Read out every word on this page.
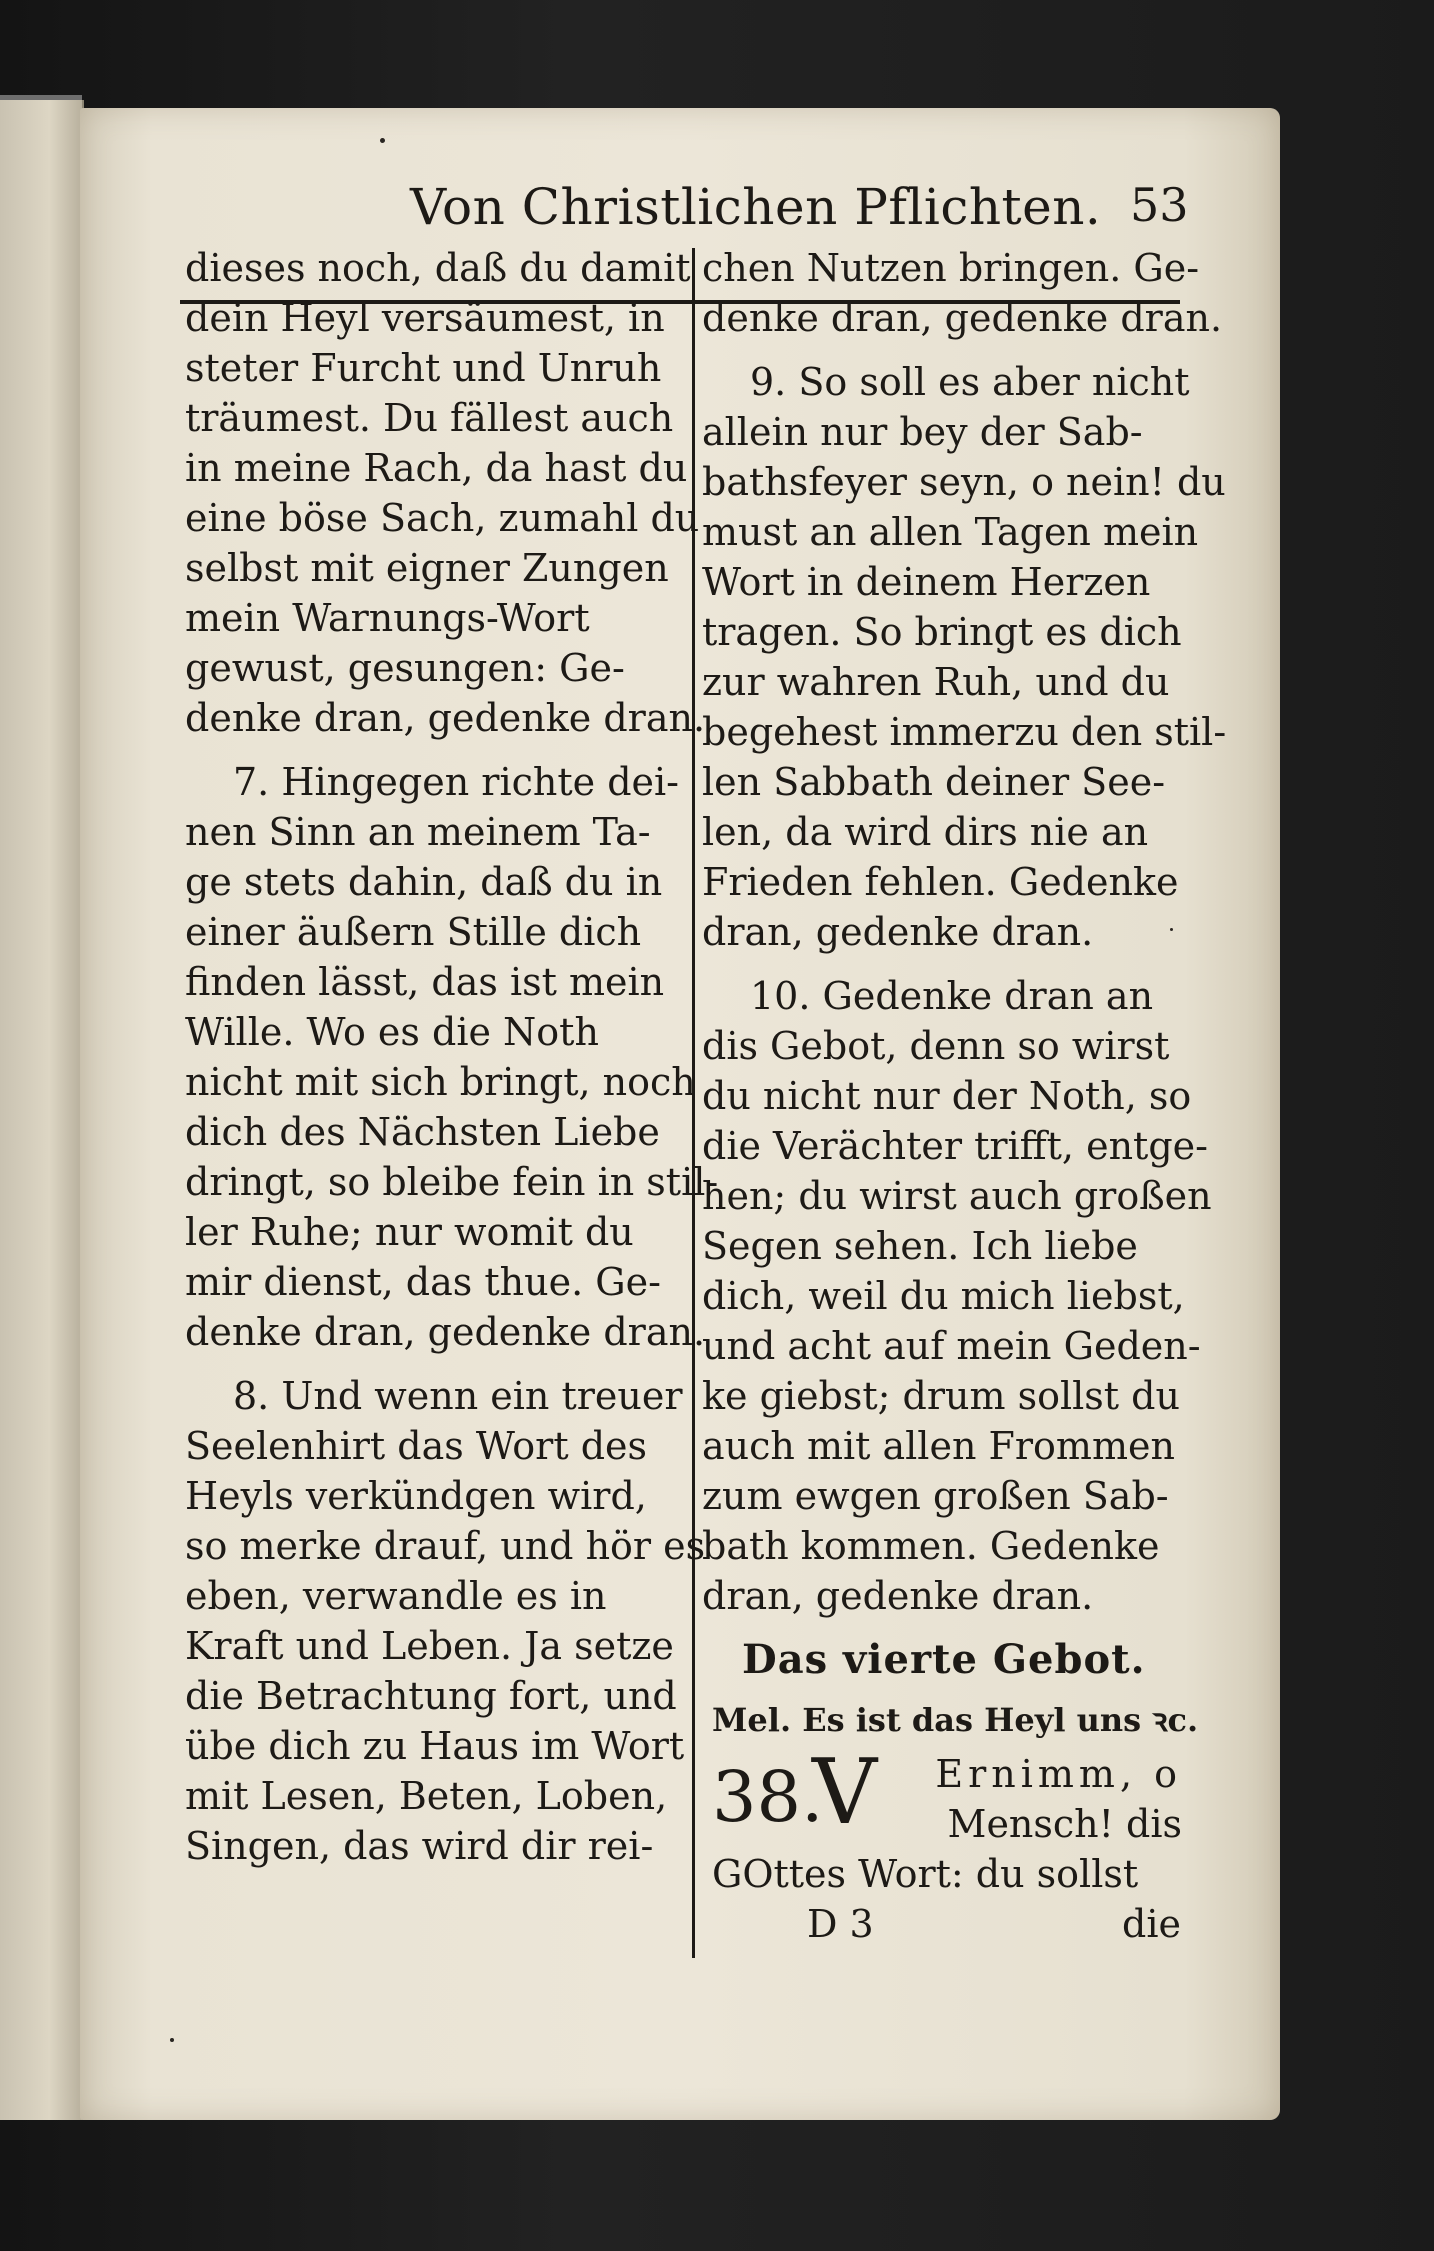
Von Christlichen Pflichten. 53
dieses noch, daß du damit
dein Heyl versäumest, in
steter Furcht und Unruh
träumest. Du fällest auch
in meine Rach, da hast du
eine böse Sach, zumahl du
selbst mit eigner Zungen
mein Warnungs-Wort
gewust, gesungen: Ge-
denke dran, gedenke dran.
7. Hingegen richte dei-
nen Sinn an meinem Ta-
ge stets dahin, daß du in
einer äußern Stille dich
finden lässt, das ist mein
Wille. Wo es die Noth
nicht mit sich bringt, noch
dich des Nächsten Liebe
dringt, so bleibe fein in stil-
ler Ruhe; nur womit du
mir dienst, das thue. Ge-
denke dran, gedenke dran.
8. Und wenn ein treuer
Seelenhirt das Wort des
Heyls verkündgen wird,
so merke drauf, und hör es
eben, verwandle es in
Kraft und Leben. Ja setze
die Betrachtung fort, und
übe dich zu Haus im Wort
mit Lesen, Beten, Loben,
Singen, das wird dir rei-
chen Nutzen bringen. Ge-
denke dran, gedenke dran.
9. So soll es aber nicht
allein nur bey der Sab-
bathsfeyer seyn, o nein! du
must an allen Tagen mein
Wort in deinem Herzen
tragen. So bringt es dich
zur wahren Ruh, und du
begehest immerzu den stil-
len Sabbath deiner See-
len, da wird dirs nie an
Frieden fehlen. Gedenke
dran, gedenke dran.
10. Gedenke dran an
dis Gebot, denn so wirst
du nicht nur der Noth, so
die Verächter trifft, entge-
hen; du wirst auch großen
Segen sehen. Ich liebe
dich, weil du mich liebst,
und acht auf mein Geden-
ke giebst; drum sollst du
auch mit allen Frommen
zum ewgen großen Sab-
bath kommen. Gedenke
dran, gedenke dran.
Das vierte Gebot.
Mel. Es ist das Heyl uns ꝛc.
38.
V	Ernimm, o
Mensch! dis
GOttes Wort: du sollst
D 3	die
